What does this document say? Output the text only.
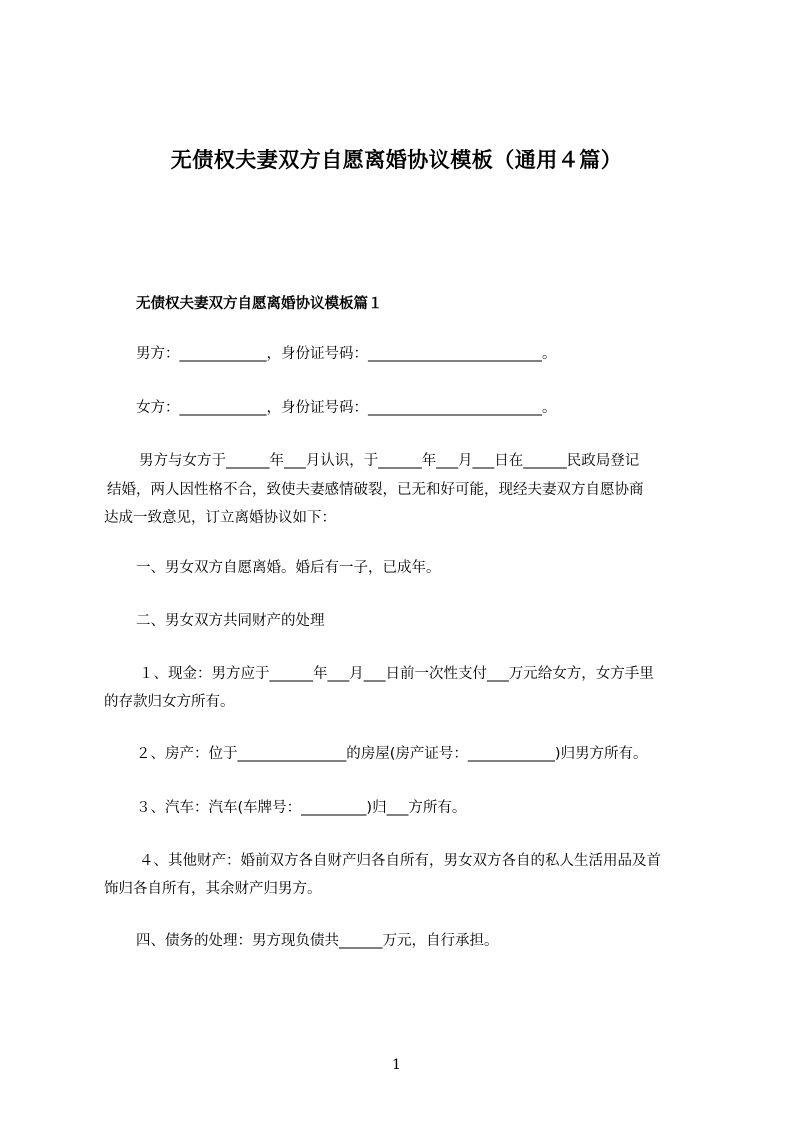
无债权夫妻双方自愿离婚协议模板（通用４篇）
无债权夫妻双方自愿离婚协议模板篇１
男方：____________，身份证号码：________________________。
女方：____________，身份证号码：________________________。
男方与女方于______年___月认识，于______年___月___日在______民政局登记
结婚，两人因性格不合，致使夫妻感情破裂，已无和好可能，现经夫妻双方自愿协商
达成一致意见，订立离婚协议如下：
一、男女双方自愿离婚。婚后有一子，已成年。
二、男女双方共同财产的处理
１、现金：男方应于______年___月___日前一次性支付___万元给女方，女方手里
的存款归女方所有。
２、房产：位于_______________的房屋(房产证号：____________)归男方所有。
３、汽车：汽车(车牌号：_________)归___方所有。
４、其他财产：婚前双方各自财产归各自所有，男女双方各自的私人生活用品及首
饰归各自所有，其余财产归男方。
四、债务的处理：男方现负债共______万元，自行承担。
1
